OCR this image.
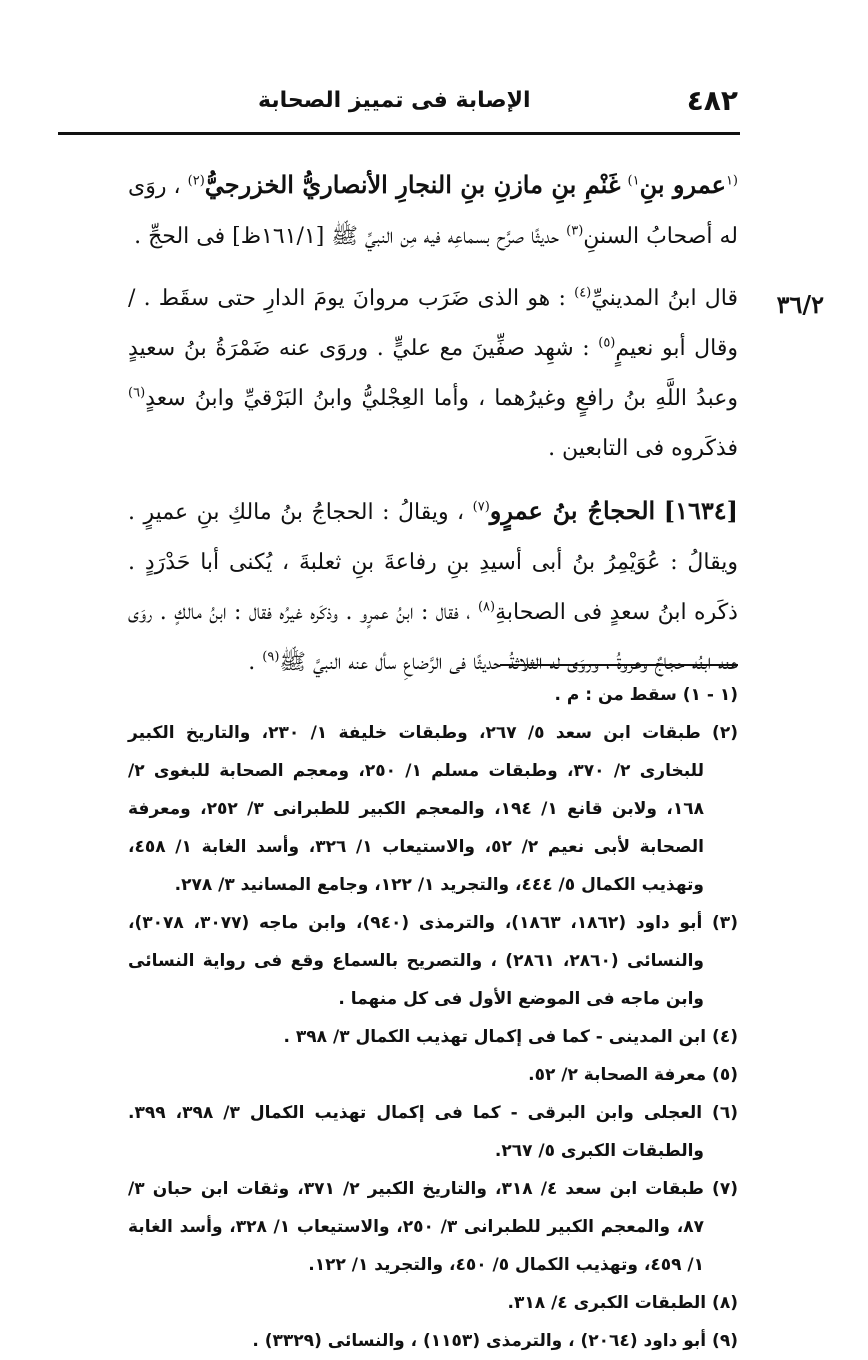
٤٨٢
الإصابة فى تمييز الصحابة
٣٦/٢

$^{(١}$عمرو بنِ$^{١)}$ غَنْمِ بنِ مازنِ بنِ النجارِ الأنصاريُّ الخزرجيُّ$^{(٢)}$ ، روَى له أصحابُ السننِ$^{(٣)}$ حديثًا صرَّح بسماعِه فيه مِن النبيِّ ﷺ [١٦١/١ظ] فى الحجِّ .

قال ابنُ المدينيِّ$^{(٤)}$ : هو الذى ضَرَب مروانَ يومَ الدارِ حتى سقَط . /وقال أبو نعيمٍ$^{(٥)}$ : شهِد صفِّينَ مع عليٍّ . وروَى عنه ضَمْرَةُ بنُ سعيدٍ وعبدُ اللَّهِ بنُ رافعٍ وغيرُهما ، وأما العِجْليُّ وابنُ البَرْقيِّ وابنُ سعدٍ$^{(٦)}$ فذكَروه فى التابعين .

[١٦٣٤] الحجاجُ بنُ عمرٍو$^{(٧)}$ ، ويقالُ : الحجاجُ بنُ مالكِ بنِ عميرٍ . ويقالُ : عُوَيْمِرُ بنُ أبى أسيدِ بنِ رفاعةَ بنِ ثعلبةَ ، يُكنى أبا حَدْرَدٍ . ذكَره ابنُ سعدٍ فى الصحابةِ$^{(٨)}$ ، فقال : ابنُ عمرٍو . وذكَره غيرُه فقال : ابنُ مالكٍ . روَى عنه ابنُه حجاجٌ وعروةُ ، وروَى له الثلاثةُ حديثًا فى الرَّضاعِ سأل عنه النبيَّ ﷺ$^{(٩)}$ .

(١ - ١) سقط من : م .

(٢) طبقات ابن سعد ٥/ ٢٦٧، وطبقات خليفة ١/ ٢٣٠، والتاريخ الكبير للبخارى ٢/ ٣٧٠، وطبقات مسلم ١/ ٢٥٠، ومعجم الصحابة للبغوى ٢/ ١٦٨، ولابن قانع ١/ ١٩٤، والمعجم الكبير للطبرانى ٣/ ٢٥٢، ومعرفة الصحابة لأبى نعيم ٢/ ٥٢، والاستيعاب ١/ ٣٢٦، وأسد الغابة ١/ ٤٥٨، وتهذيب الكمال ٥/ ٤٤٤، والتجريد ١/ ١٢٢، وجامع المسانيد ٣/ ٢٧٨.

(٣) أبو داود (١٨٦٢، ١٨٦٣)، والترمذى (٩٤٠)، وابن ماجه (٣٠٧٧، ٣٠٧٨)، والنسائى (٢٨٦٠، ٢٨٦١) ، والتصريح بالسماع وقع فى رواية النسائى وابن ماجه فى الموضع الأول فى كل منهما .

(٤) ابن المدينى - كما فى إكمال تهذيب الكمال ٣/ ٣٩٨ .

(٥) معرفة الصحابة ٢/ ٥٢.

(٦) العجلى وابن البرقى - كما فى إكمال تهذيب الكمال ٣/ ٣٩٨، ٣٩٩. والطبقات الكبرى ٥/ ٢٦٧.

(٧) طبقات ابن سعد ٤/ ٣١٨، والتاريخ الكبير ٢/ ٣٧١، وثقات ابن حبان ٣/ ٨٧، والمعجم الكبير للطبرانى ٣/ ٢٥٠، والاستيعاب ١/ ٣٢٨، وأسد الغابة ١/ ٤٥٩، وتهذيب الكمال ٥/ ٤٥٠، والتجريد ١/ ١٢٢.

(٨) الطبقات الكبرى ٤/ ٣١٨.

(٩) أبو داود (٢٠٦٤) ، والترمذى (١١٥٣) ، والنسائى (٣٣٢٩) .
